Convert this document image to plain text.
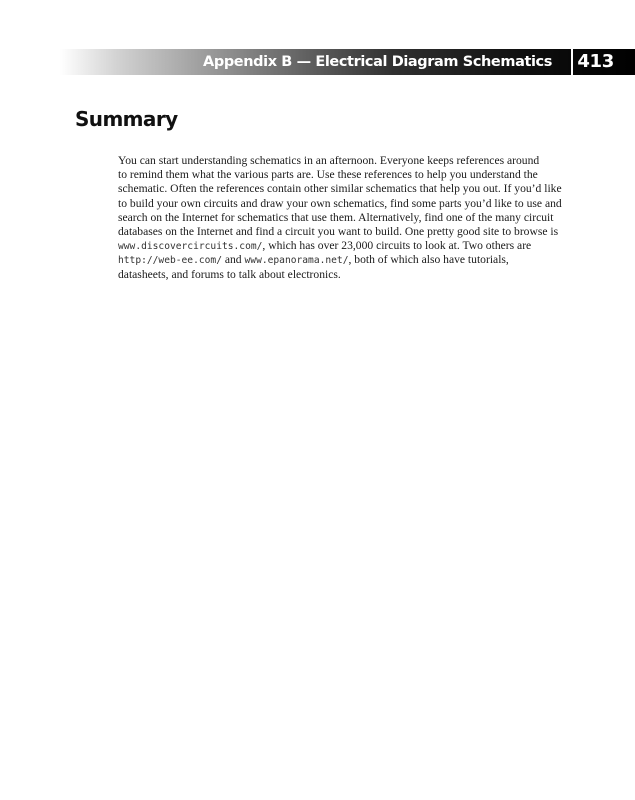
Appendix B — Electrical Diagram Schematics 413
Summary
You can start understanding schematics in an afternoon. Everyone keeps references around
to remind them what the various parts are. Use these references to help you understand the
schematic. Often the references contain other similar schematics that help you out. If you’d like
to build your own circuits and draw your own schematics, find some parts you’d like to use and
search on the Internet for schematics that use them. Alternatively, find one of the many circuit
databases on the Internet and find a circuit you want to build. One pretty good site to browse is
www.discovercircuits.com/, which has over 23,000 circuits to look at. Two others are
http://web-ee.com/ and www.epanorama.net/, both of which also have tutorials,
datasheets, and forums to talk about electronics.
